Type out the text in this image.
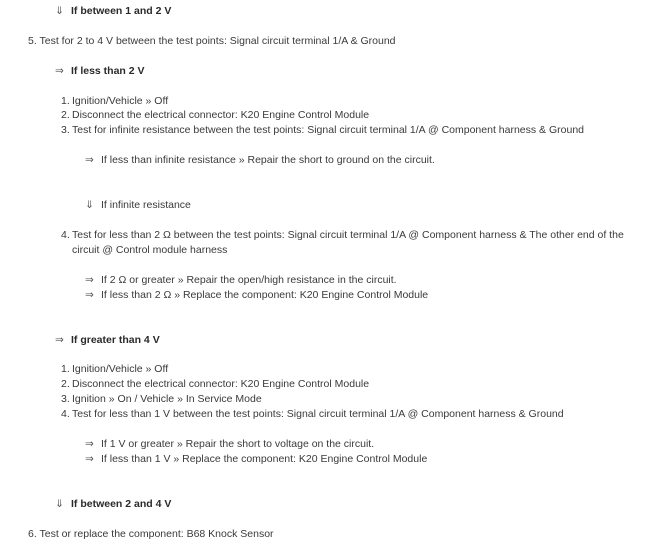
⇓ If between 1 and 2 V
5. Test for 2 to 4 V between the test points: Signal circuit terminal 1/A & Ground
⇒ If less than 2 V
1. Ignition/Vehicle » Off
2. Disconnect the electrical connector: K20 Engine Control Module
3. Test for infinite resistance between the test points: Signal circuit terminal 1/A @ Component harness & Ground
⇒ If less than infinite resistance » Repair the short to ground on the circuit.
⇓ If infinite resistance
4. Test for less than 2 Ω between the test points: Signal circuit terminal 1/A @ Component harness & The other end of the
circuit @ Control module harness
⇒ If 2 Ω or greater » Repair the open/high resistance in the circuit.
⇒ If less than 2 Ω » Replace the component: K20 Engine Control Module
⇒ If greater than 4 V
1. Ignition/Vehicle » Off
2. Disconnect the electrical connector: K20 Engine Control Module
3. Ignition » On / Vehicle » In Service Mode
4. Test for less than 1 V between the test points: Signal circuit terminal 1/A @ Component harness & Ground
⇒ If 1 V or greater » Repair the short to voltage on the circuit.
⇒ If less than 1 V » Replace the component: K20 Engine Control Module
⇓ If between 2 and 4 V
6. Test or replace the component: B68 Knock Sensor
